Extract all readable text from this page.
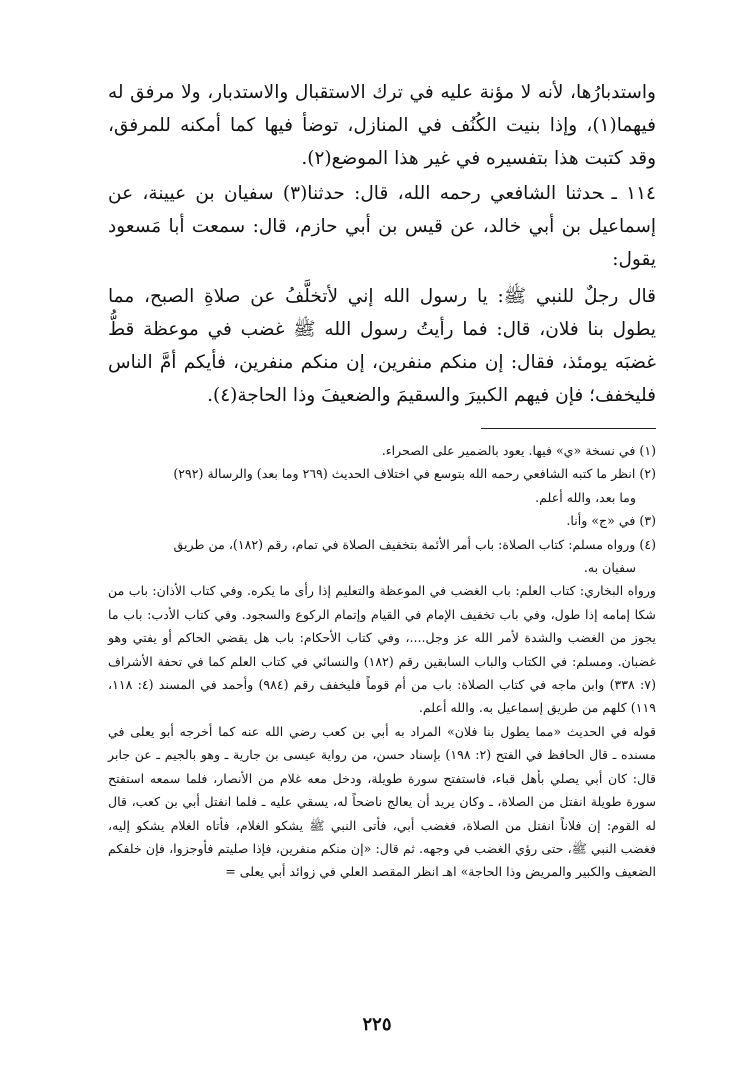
واستدبارُها، لأنه لا مؤنة عليه في ترك الاستقبال والاستدبار، ولا مرفق له فيهما(١)، وإذا بنيت الكُنُف في المنازل، توضأ فيها كما أمكنه للمرفق، وقد كتبت هذا بتفسيره في غير هذا الموضع(٢).

١١٤ ـحدثنا الشافعي رحمه الله، قال: حدثنا(٣) سفيان بن عيينة، عن إسماعيل بن أبي خالد، عن قيس بن أبي حازم، قال: سمعت أبا مَسعود يقول:

قال رجلٌ للنبي ﷺ: يا رسول الله إني لأتخلَّفُ عن صلاةِ الصبح، مما يطول بنا فلان، قال: فما رأيتُ رسول الله ﷺ غضب في موعظة قطُّ غضبَه يومئذ، فقال: إن منكم منفرين، إن منكم منفرين، فأيكم أمَّ الناس فليخفف؛ فإن فيهم الكبيرَ والسقيمَ والضعيفَ وذا الحاجة(٤).

(١) في نسخة «ي» فيها. يعود بالضمير على الصحراء.

(٢) انظر ما كتبه الشافعي رحمه الله بتوسع في اختلاف الحديث (٢٦٩ وما بعد) والرسالة (٢٩٢)

وما بعد، والله أعلم.

(٣) في «ج» وأنا.

(٤) ورواه مسلم: كتاب الصلاة: باب أمر الأئمة بتخفيف الصلاة في تمام، رقم (١٨٢)، من طريق

سفيان به.

ورواه البخاري: كتاب العلم: باب الغضب في الموعظة والتعليم إذا رأى ما يكره. وفي كتاب الأذان: باب من شكا إمامه إذا طول، وفي باب تخفيف الإمام في القيام وإتمام الركوع والسجود. وفي كتاب الأدب: باب ما يجوز من الغضب والشدة لأمر الله عز وجل....، وفي كتاب الأحكام: باب هل يقضي الحاكم أو يفتي وهو غضبان. ومسلم: في الكتاب والباب السابقين رقم (١٨٢) والنسائي في كتاب العلم كما في تحفة الأشراف (٧: ٣٣٨) وابن ماجه في كتاب الصلاة: باب من أم قوماً فليخفف رقم (٩٨٤) وأحمد في المسند (٤: ١١٨، ١١٩) كلهم من طريق إسماعيل به. والله أعلم.

قوله في الحديث «مما يطول بنا فلان» المراد به أبي بن كعب رضي الله عنه كما أخرجه أبو يعلى في مسنده ـ قال الحافظ في الفتح (٢: ١٩٨) بإسناد حسن، من رواية عيسى بن جارية ـ وهو بالجيم ـ عن جابر قال: كان أبي يصلي بأهل قباء، فاستفتح سورة طويلة، ودخل معه غلام من الأنصار، فلما سمعه استفتح سورة طويلة انفتل من الصلاة، ـ وكان يريد أن يعالج ناضحاً له، يسقي عليه ـ فلما انفتل أبي بن كعب، قال له القوم: إن فلاناً انفتل من الصلاة، فغضب أبي، فأتى النبي ﷺ يشكو الغلام، فأتاه الغلام يشكو إليه، فغضب النبي ﷺ، حتى رؤي الغضب في وجهه. ثم قال: «إن منكم منفرين، فإذا صليتم فأوجزوا، فإن خلفكم الضعيف والكبير والمريض وذا الحاجة» اهـ انظر المقصد العلي في زوائد أبي يعلى =

٢٢٥
